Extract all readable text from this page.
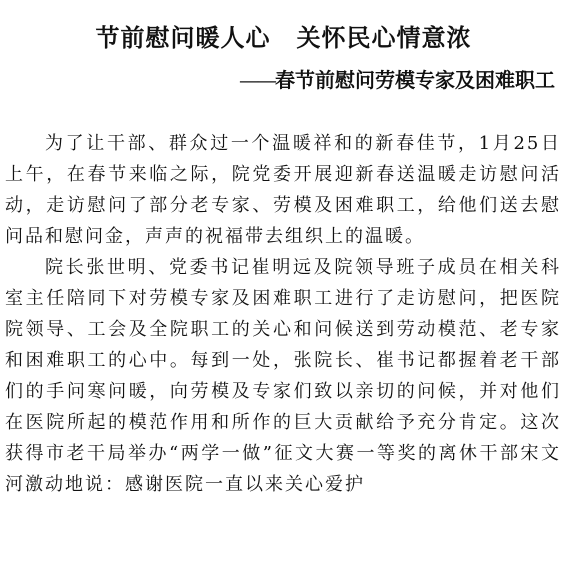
节前慰问暖人心 关怀民心情意浓
——春节前慰问劳模专家及困难职工

为了让干部、群众过一个温暖祥和的新春佳节，1月25日上午，在春节来临之际，院党委开展迎新春送温暖走访慰问活动，走访慰问了部分老专家、劳模及困难职工，给他们送去慰问品和慰问金，声声的祝福带去组织上的温暖。

院长张世明、党委书记崔明远及院领导班子成员在相关科室主任陪同下对劳模专家及困难职工进行了走访慰问，把医院院领导、工会及全院职工的关心和问候送到劳动模范、老专家和困难职工的心中。每到一处，张院长、崔书记都握着老干部们的手问寒问暖，向劳模及专家们致以亲切的问候，并对他们在医院所起的模范作用和所作的巨大贡献给予充分肯定。这次获得市老干局举办“两学一做”征文大赛一等奖的离休干部宋文河激动地说：感谢医院一直以来关心爱护
